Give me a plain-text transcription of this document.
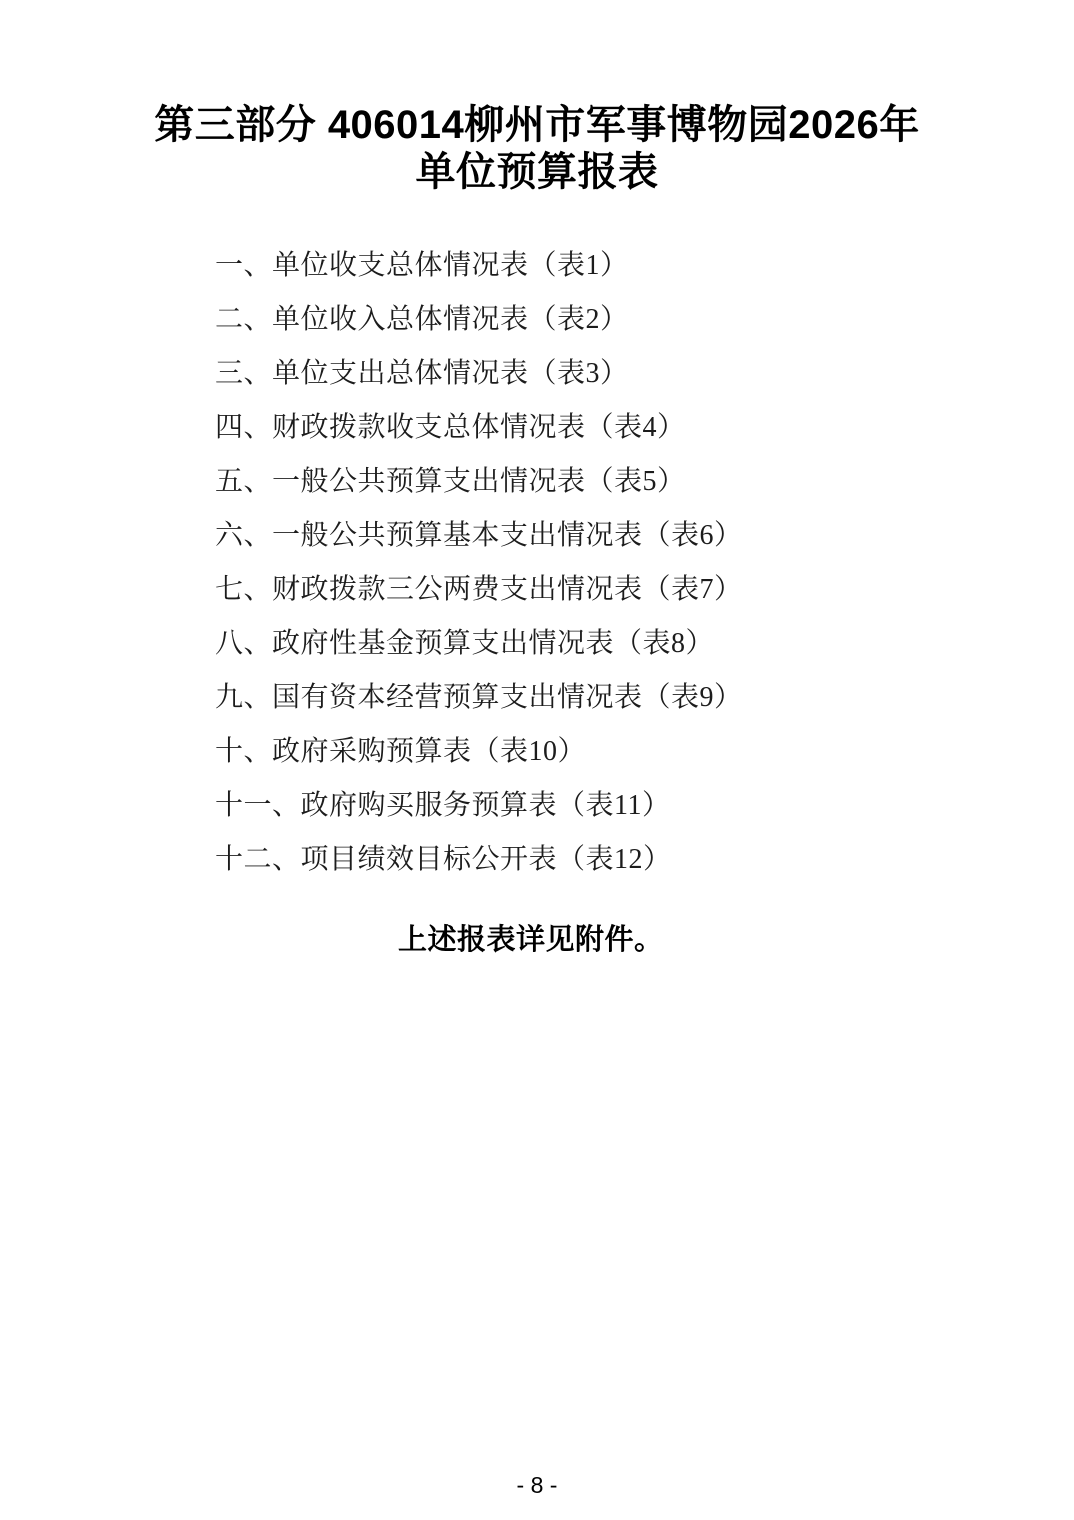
第三部分 406014柳州市军事博物园2026年
单位预算报表
一、单位收支总体情况表（表1）
二、单位收入总体情况表（表2）
三、单位支出总体情况表（表3）
四、财政拨款收支总体情况表（表4）
五、一般公共预算支出情况表（表5）
六、一般公共预算基本支出情况表（表6）
七、财政拨款三公两费支出情况表（表7）
八、政府性基金预算支出情况表（表8）
九、国有资本经营预算支出情况表（表9）
十、政府采购预算表（表10）
十一、政府购买服务预算表（表11）
十二、项目绩效目标公开表（表12）

上述报表详见附件。

- 8 -
